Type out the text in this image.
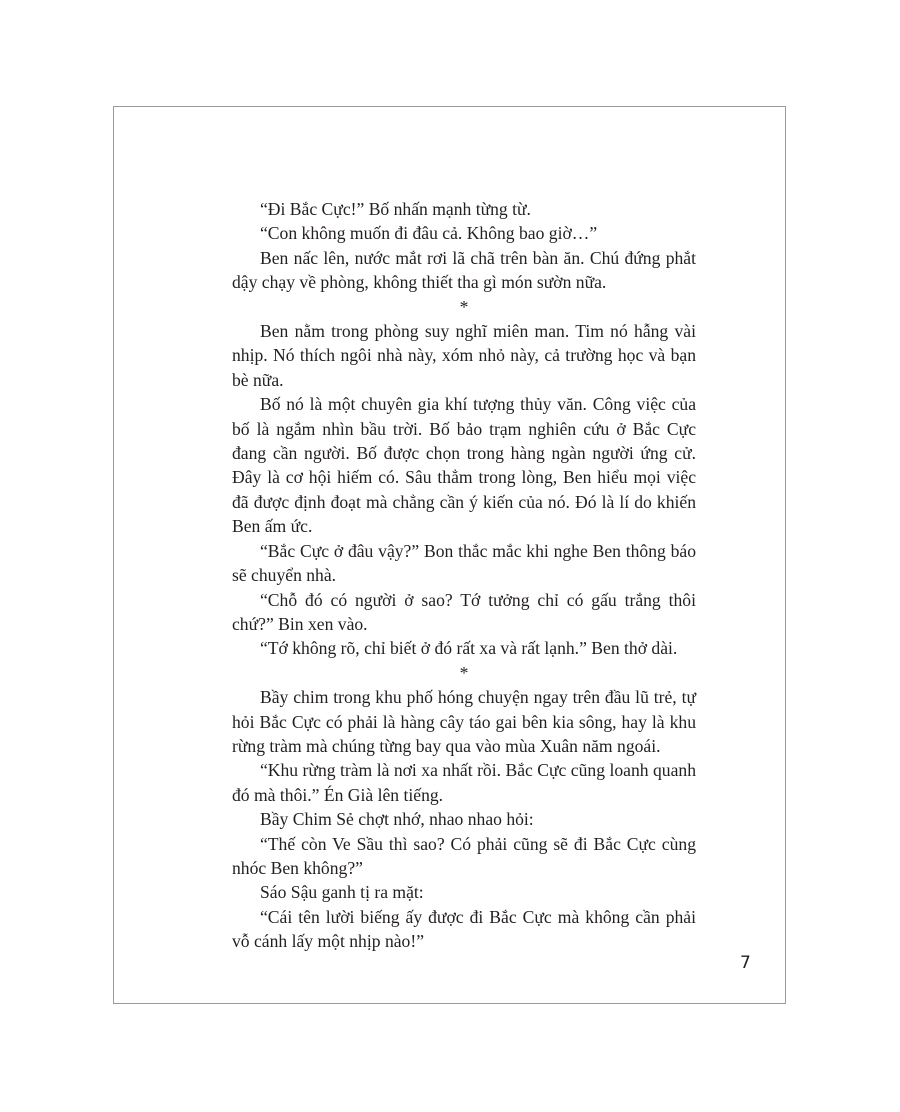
“Đi Bắc Cực!” Bố nhấn mạnh từng từ.

“Con không muốn đi đâu cả. Không bao giờ…”

Ben nấc lên, nước mắt rơi lã chã trên bàn ăn. Chú đứng phắt dậy chạy về phòng, không thiết tha gì món sườn nữa.

*

Ben nằm trong phòng suy nghĩ miên man. Tim nó hẫng vài nhịp. Nó thích ngôi nhà này, xóm nhỏ này, cả trường học và bạn bè nữa.

Bố nó là một chuyên gia khí tượng thủy văn. Công việc của bố là ngắm nhìn bầu trời. Bố bảo trạm nghiên cứu ở Bắc Cực đang cần người. Bố được chọn trong hàng ngàn người ứng cử. Đây là cơ hội hiếm có. Sâu thẳm trong lòng, Ben hiểu mọi việc đã được định đoạt mà chẳng cần ý kiến của nó. Đó là lí do khiến Ben ấm ức.

“Bắc Cực ở đâu vậy?” Bon thắc mắc khi nghe Ben thông báo sẽ chuyển nhà.

“Chỗ đó có người ở sao? Tớ tưởng chỉ có gấu trắng thôi chứ?” Bin xen vào.

“Tớ không rõ, chỉ biết ở đó rất xa và rất lạnh.” Ben thở dài.

*

Bầy chim trong khu phố hóng chuyện ngay trên đầu lũ trẻ, tự hỏi Bắc Cực có phải là hàng cây táo gai bên kia sông, hay là khu rừng tràm mà chúng từng bay qua vào mùa Xuân năm ngoái.

“Khu rừng tràm là nơi xa nhất rồi. Bắc Cực cũng loanh quanh đó mà thôi.” Én Già lên tiếng.

Bầy Chim Sẻ chợt nhớ, nhao nhao hỏi:

“Thế còn Ve Sầu thì sao? Có phải cũng sẽ đi Bắc Cực cùng nhóc Ben không?”

Sáo Sậu ganh tị ra mặt:

“Cái tên lười biếng ấy được đi Bắc Cực mà không cần phải vỗ cánh lấy một nhịp nào!”

7
